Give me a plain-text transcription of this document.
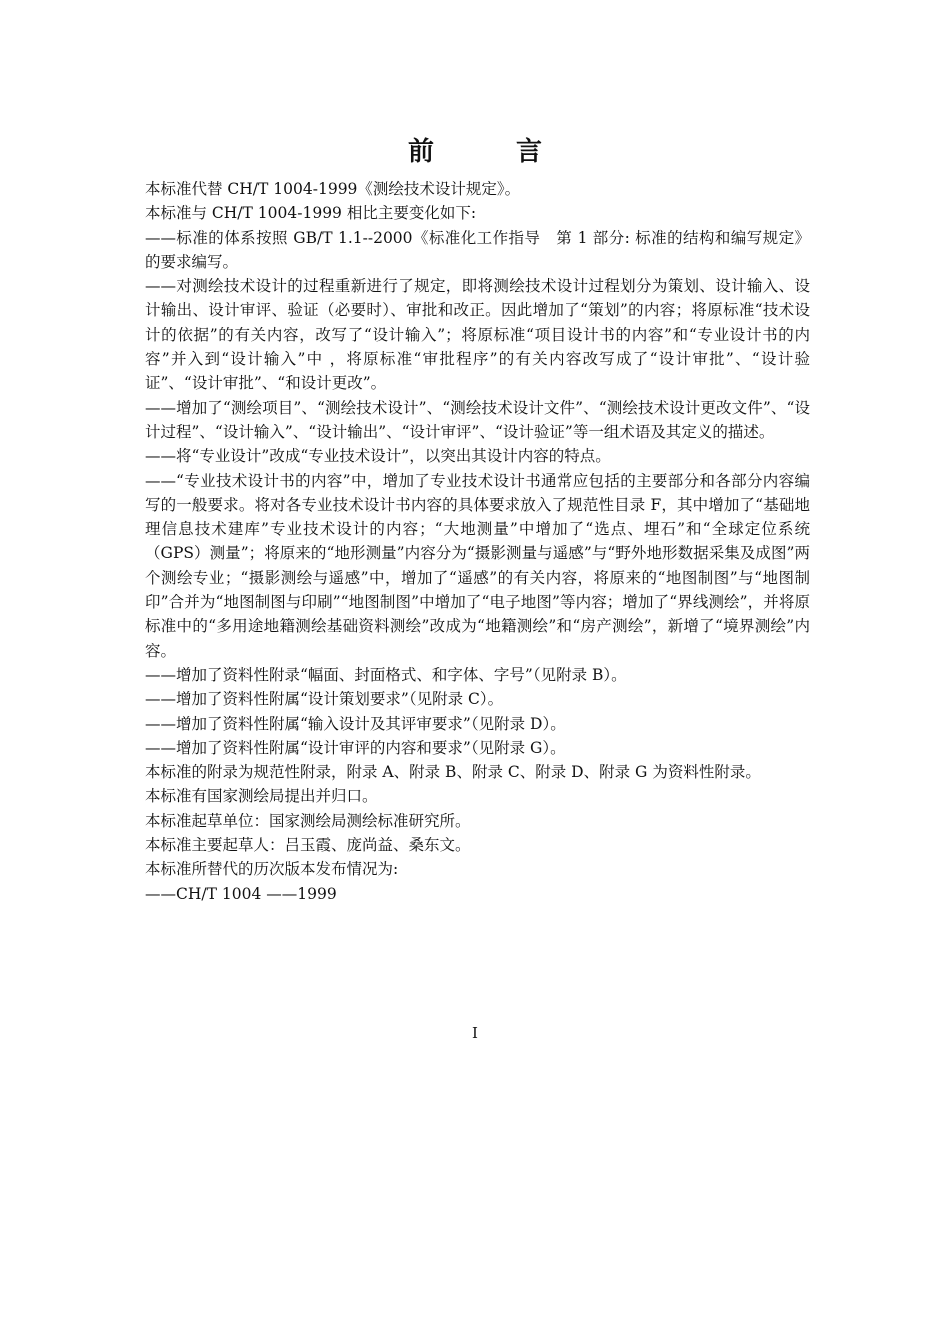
前　言

本标准代替 CH/T 1004-1999《测绘技术设计规定》。

本标准与 CH/T 1004-1999 相比主要变化如下:

——标准的体系按照 GB/T 1.1--2000《标准化工作指导　第 1 部分: 标准的结构和编写规定》的要求编写。

——对测绘技术设计的过程重新进行了规定，即将测绘技术设计过程划分为策划、设计输入、设计输出、设计审评、验证（必要时）、审批和改正。因此增加了“策划”的内容；将原标准“技术设计的依据”的有关内容，改写了“设计输入”；将原标准“项目设计书的内容”和“专业设计书的内容”并入到“设计输入”中 ，将原标准“审批程序”的有关内容改写成了“设计审批”、“设计验证”、“设计审批”、“和设计更改”。

——增加了“测绘项目”、“测绘技术设计”、“测绘技术设计文件”、“测绘技术设计更改文件”、“设计过程”、“设计输入”、“设计输出”、“设计审评”、“设计验证”等一组术语及其定义的描述。

——将“专业设计”改成“专业技术设计”，以突出其设计内容的特点。

——“专业技术设计书的内容”中，增加了专业技术设计书通常应包括的主要部分和各部分内容编写的一般要求。将对各专业技术设计书内容的具体要求放入了规范性目录 F，其中增加了“基础地理信息技术建库”专业技术设计的内容；“大地测量”中增加了“选点、埋石”和“全球定位系统（GPS）测量”；将原来的“地形测量”内容分为“摄影测量与遥感”与“野外地形数据采集及成图”两个测绘专业；“摄影测绘与遥感”中，增加了“遥感”的有关内容，将原来的“地图制图”与“地图制印”合并为“地图制图与印刷”“地图制图”中增加了“电子地图”等内容；增加了“界线测绘”，并将原标准中的“多用途地籍测绘基础资料测绘”改成为“地籍测绘”和“房产测绘”，新增了“境界测绘”内容。

——增加了资料性附录“幅面、封面格式、和字体、字号”（见附录 B）。

——增加了资料性附属“设计策划要求”（见附录 C）。

——增加了资料性附属“输入设计及其评审要求”（见附录 D）。

——增加了资料性附属“设计审评的内容和要求”（见附录 G）。

本标准的附录为规范性附录，附录 A、附录 B、附录 C、附录 D、附录 G 为资料性附录。

本标准有国家测绘局提出并归口。

本标准起草单位：国家测绘局测绘标准研究所。

本标准主要起草人：吕玉霞、庞尚益、桑东文。

本标准所替代的历次版本发布情况为:

——CH/T 1004 ——1999

I
